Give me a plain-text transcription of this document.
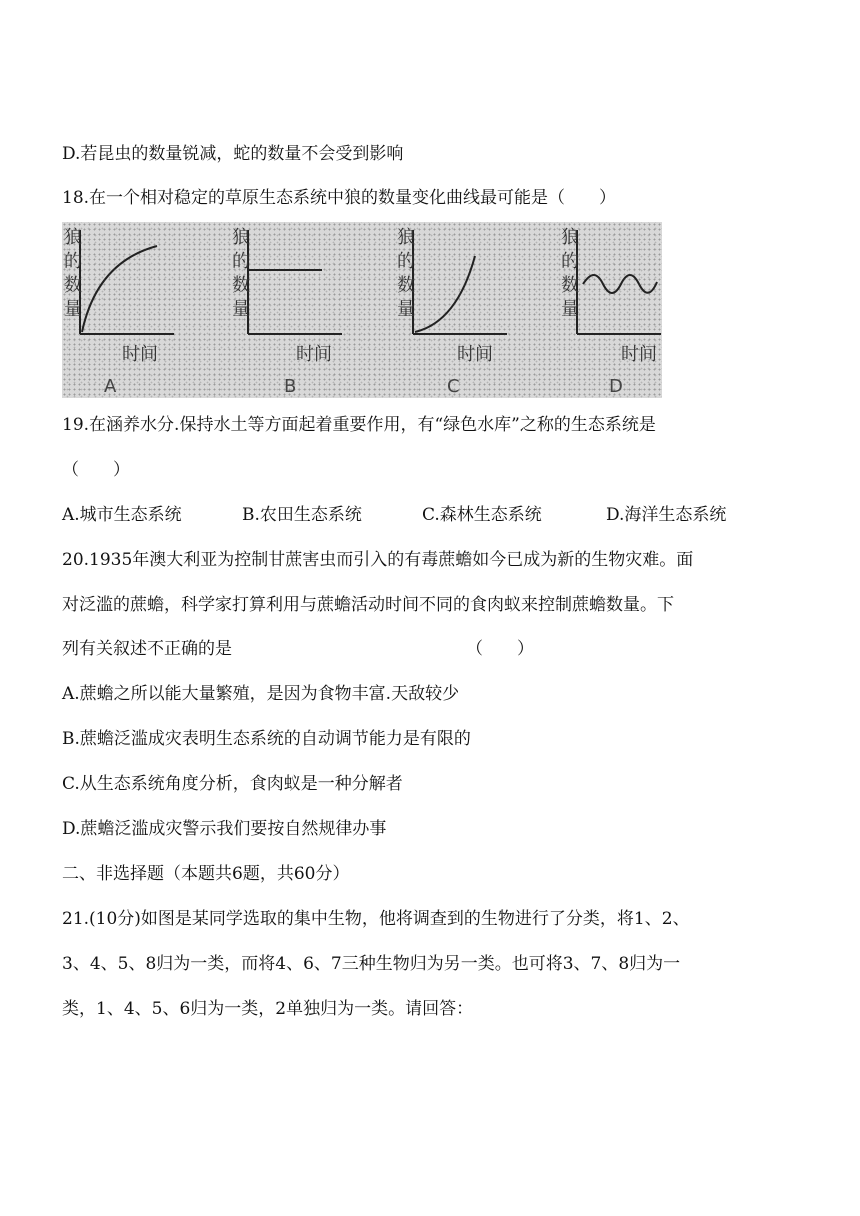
D.若昆虫的数量锐减，蛇的数量不会受到影响
18.在一个相对稳定的草原生态系统中狼的数量变化曲线最可能是（　　）
狼的数量
时间
A
狼的数量
时间
B
狼的数量
时间
C
狼的数量
时间
D
19.在涵养水分.保持水土等方面起着重要作用，有“绿色水库”之称的生态系统是
（　　）
A.城市生态系统	B.农田生态系统	C.森林生态系统	D.海洋生态系统
20.1935年澳大利亚为控制甘蔗害虫而引入的有毒蔗蟾如今已成为新的生物灾难。面
对泛滥的蔗蟾，科学家打算利用与蔗蟾活动时间不同的食肉蚁来控制蔗蟾数量。下
列有关叙述不正确的是	（　　）
A.蔗蟾之所以能大量繁殖，是因为食物丰富.天敌较少
B.蔗蟾泛滥成灾表明生态系统的自动调节能力是有限的
C.从生态系统角度分析，食肉蚁是一种分解者
D.蔗蟾泛滥成灾警示我们要按自然规律办事
二、非选择题（本题共6题，共60分）
21.(10分)如图是某同学选取的集中生物，他将调查到的生物进行了分类，将1、2、
3、4、5、8归为一类，而将4、6、7三种生物归为另一类。也可将3、7、8归为一
类，1、4、5、6归为一类，2单独归为一类。请回答：
